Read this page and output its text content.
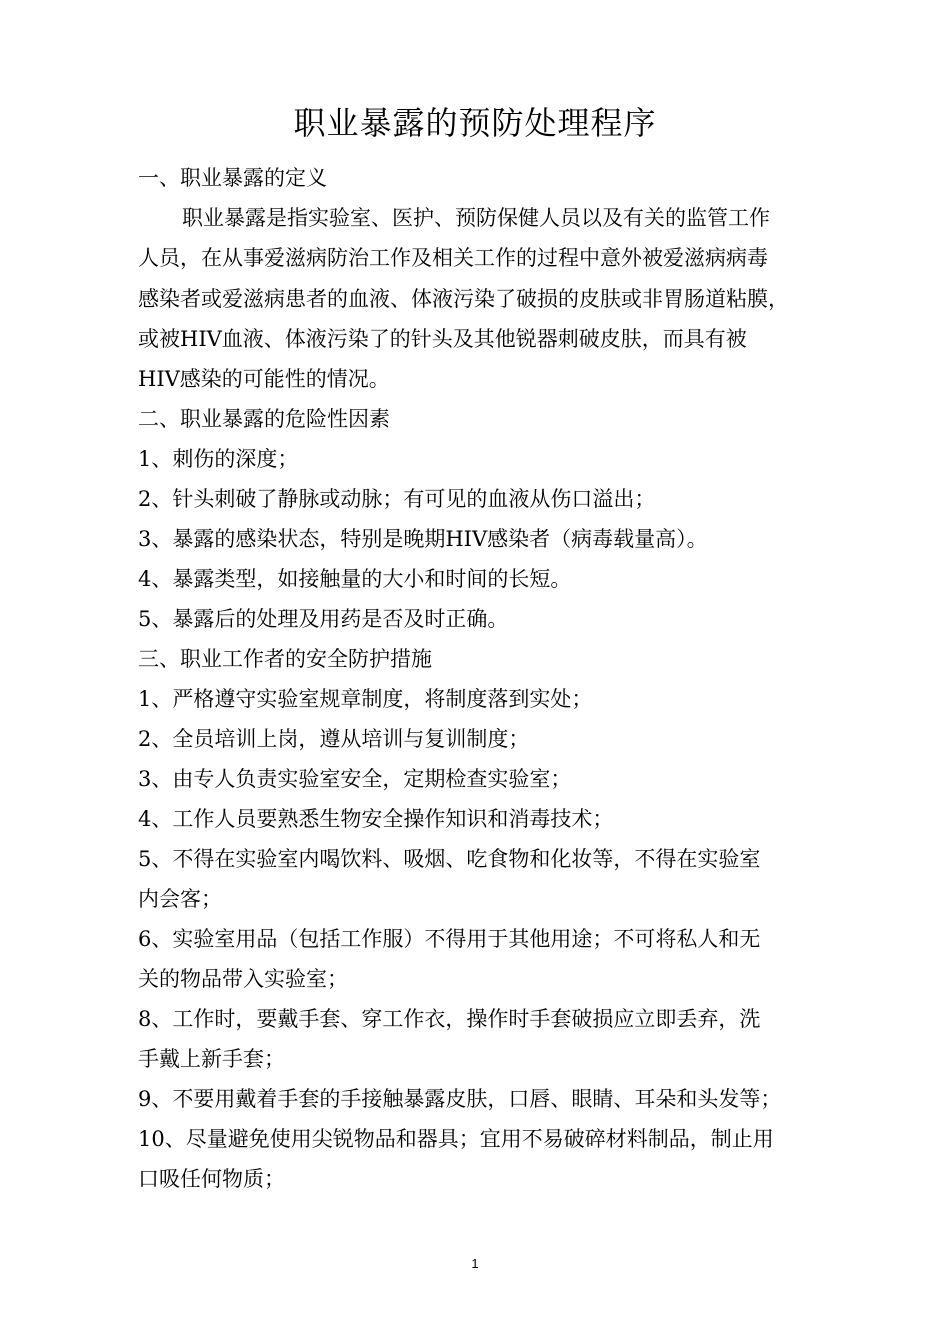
职业暴露的预防处理程序
一、职业暴露的定义
职业暴露是指实验室、医护、预防保健人员以及有关的监管工作
人员，在从事爱滋病防治工作及相关工作的过程中意外被爱滋病病毒
感染者或爱滋病患者的血液、体液污染了破损的皮肤或非胃肠道粘膜，
或被HIV血液、体液污染了的针头及其他锐器刺破皮肤，而具有被
HIV感染的可能性的情况。
二、职业暴露的危险性因素
1、刺伤的深度；
2、针头刺破了静脉或动脉；有可见的血液从伤口溢出；
3、暴露的感染状态，特别是晚期HIV感染者（病毒载量高）。
4、暴露类型，如接触量的大小和时间的长短。
5、暴露后的处理及用药是否及时正确。
三、职业工作者的安全防护措施
1、严格遵守实验室规章制度，将制度落到实处；
2、全员培训上岗，遵从培训与复训制度；
3、由专人负责实验室安全，定期检查实验室；
4、工作人员要熟悉生物安全操作知识和消毒技术；
5、不得在实验室内喝饮料、吸烟、吃食物和化妆等，不得在实验室
内会客；
6、实验室用品（包括工作服）不得用于其他用途；不可将私人和无
关的物品带入实验室；
8、工作时，要戴手套、穿工作衣，操作时手套破损应立即丢弃，洗
手戴上新手套；
9、不要用戴着手套的手接触暴露皮肤，口唇、眼睛、耳朵和头发等；
10、尽量避免使用尖锐物品和器具；宜用不易破碎材料制品，制止用
口吸任何物质；
1
